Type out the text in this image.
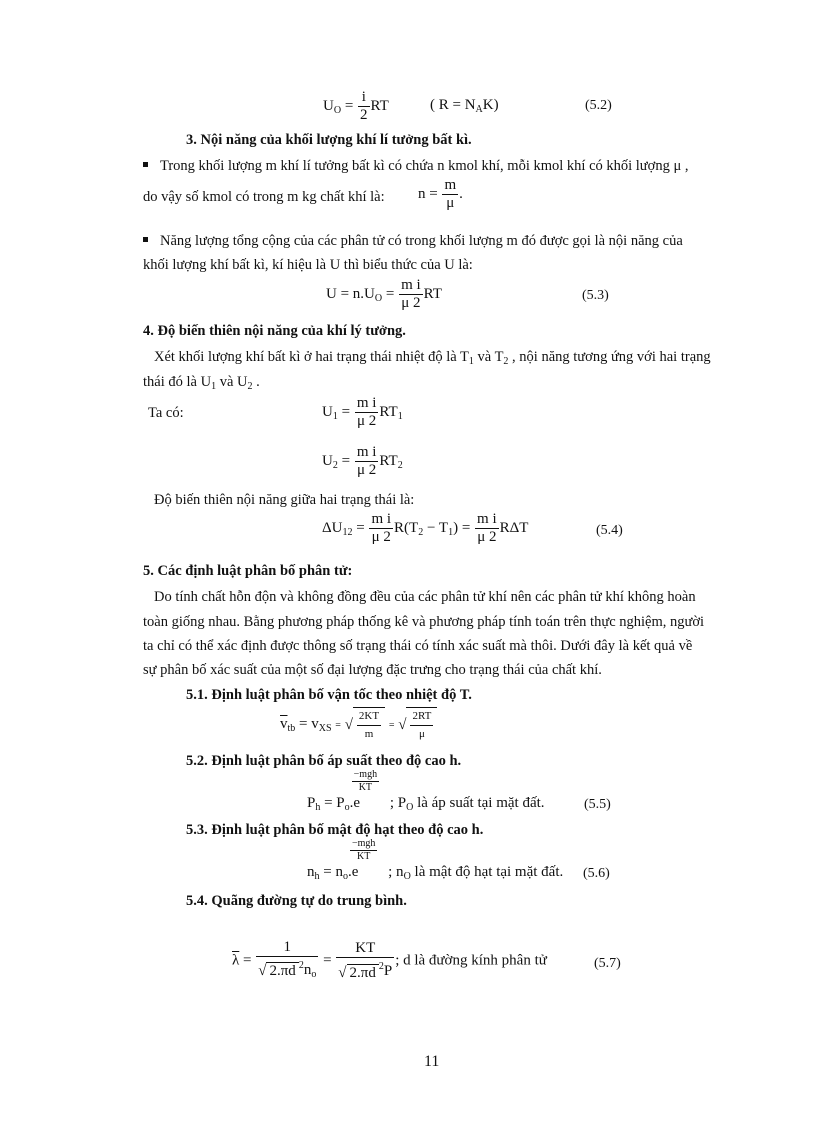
$U_O = \frac{i}{2}$ RT	( $R = N_AK$)	(5.2)
3. Nội năng của khối lượng khí lí tưởng bất kì.
Trong khối lượng m khí lí tưởng bất kì có chứa n kmol khí, mỗi kmol khí có khối lượng μ ,
do vậy số kmol có trong m kg chất khí là: $n = \frac{m}{\mu}$ .
Năng lượng tổng cộng của các phân tử có trong khối lượng m đó được gọi là nội năng của
khối lượng khí bất kì, kí hiệu là U thì biểu thức của U là:
$U = n.U_O = \frac{\text{m i}}{\mu 2}$ RT	(5.3)
4. Độ biến thiên nội năng của khí lý tưởng.
Xét khối lượng khí bất kì ở hai trạng thái nhiệt độ là $T_1$ và $T_2$ , nội năng tương ứng với hai trạng
thái đó là $U_1$ và $U_2$ .
Ta có:	$U_1 = \frac{\text{m i}}{\mu 2} RT_1$
$U_2 = \frac{\text{m i}}{\mu 2} RT_2$
Độ biến thiên nội năng giữa hai trạng thái là:
$\Delta U_{12} = \frac{\text{m i}}{\mu 2} R(T_2 - T_1) = \frac{\text{m i}}{\mu 2}$ RΔT	(5.4)
5. Các định luật phân bố phân tử:
Do tính chất hỗn độn và không đồng đều của các phân tử khí nên các phân tử khí không hoàn
toàn giống nhau. Bằng phương pháp thống kê và phương pháp tính toán trên thực nghiệm, người
ta chỉ có thể xác định được thông số trạng thái có tính xác suất mà thôi. Dưới đây là kết quả về
sự phân bố xác suất của một số đại lượng đặc trưng cho trạng thái của chất khí.
5.1. Định luật phân bố vận tốc theo nhiệt độ T.
$\overline{v}_{tb} = v_{XS}$ = √ $\frac{2KT}{m}$ = √ $\frac{2RT}{\mu}$
5.2. Định luật phân bố áp suất theo độ cao h.
$P_h = P_o.e$
−mgh
KT
; $P_O$ là áp suất tại mặt đất.	(5.5)
5.3. Định luật phân bố mật độ hạt theo độ cao h.
$n_h = n_o.e$
−mgh
KT
; $n_O$ là mật độ hạt tại mặt đất. (5.6)
5.4. Quãng đường tự do trung bình.
$\overline{\lambda} = \frac{1}{√ 2.\pi d ^2n_o} = \frac{KT}{√ 2.\pi d ^2P}$ ; d là đường kính phân tử	(5.7)
11
